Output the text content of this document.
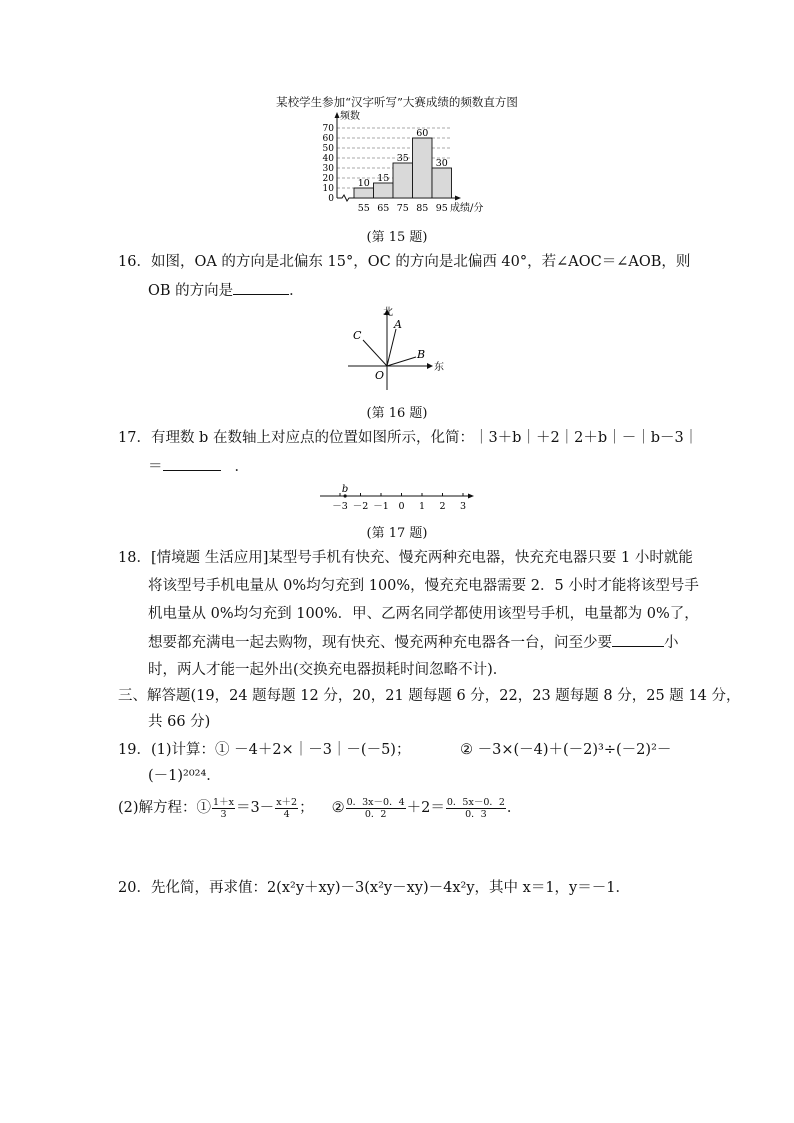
某校学生参加“汉字听写”大赛成绩的频数直方图
0
10
20
30
40
50
60
70
频数
成绩/分
10 15
35
60
30
55 65 75 85 95
(第 15 题)
16．如图，OA 的方向是北偏东 15°，OC 的方向是北偏西 40°，若∠AOC＝∠AOB，则
OB 的方向是	．
北
东
A
C
B
O
(第 16 题)
17．有理数 b 在数轴上对应点的位置如图所示，化简：｜3＋b｜＋2｜2＋b｜－｜b－3｜
＝	．
－3 －2 －1 0 1 2 3
b
(第 17 题)
18．[情境题 生活应用]某型号手机有快充、慢充两种充电器，快充充电器只要 1 小时就能
将该型号手机电量从 0%均匀充到 100%，慢充充电器需要 2．5 小时才能将该型号手
机电量从 0%均匀充到 100%．甲、乙两名同学都使用该型号手机，电量都为 0%了，
想要都充满电一起去购物，现有快充、慢充两种充电器各一台，问至少要	小
时，两人才能一起外出(交换充电器损耗时间忽略不计)．
三、解答题(19，24 题每题 12 分，20，21 题每题 6 分，22，23 题每题 8 分，25 题 14 分，
共 66 分)
19．(1)计算：① －4＋2×｜－3｜－(－5)；	② －3×(－4)＋(－2)³÷(－2)²－
(－1)²⁰²⁴．
(2)解方程：① $\frac{1+x}{3} =3- \frac{x+2}{4}$ ； ② $\frac{0.3x-0.4}{0.2} +2= \frac{0.5x-0.2}{0.3}$ ．
20．先化简，再求值：2(x²y＋xy)－3(x²y－xy)－4x²y，其中 x＝1，y＝－1．
